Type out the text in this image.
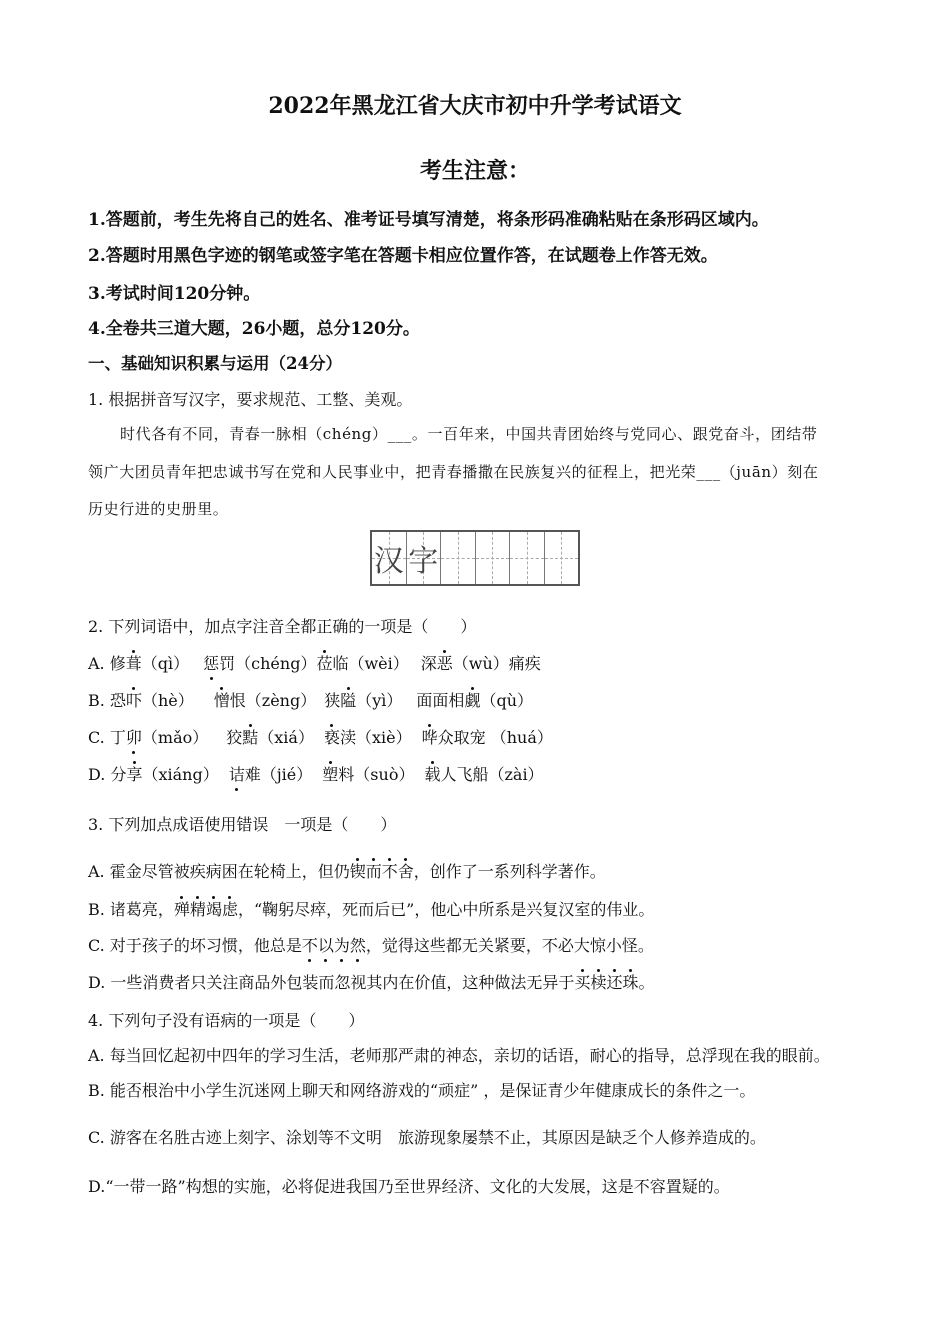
2022年黑龙江省大庆市初中升学考试语文
考生注意：
1.答题前，考生先将自己的姓名、准考证号填写清楚，将条形码准确粘贴在条形码区域内。
2.答题时用黑色字迹的钢笔或签字笔在答题卡相应位置作答，在试题卷上作答无效。
3.考试时间120分钟。
4.全卷共三道大题，26小题，总分120分。
一、基础知识积累与运用（24分）
1. 根据拼音写汉字，要求规范、工整、美观。
时代各有不同，青春一脉相（chéng）___。一百年来，中国共青团始终与党同心、跟党奋斗，团结带
领广大团员青年把忠诚书写在党和人民事业中，把青春播撒在民族复兴的征程上，把光荣___（juān）刻在
历史行进的史册里。
汉 字
2. 下列词语中，加点字注音全都正确的一项是（　　）
A. 修葺（qì） 惩罚（chéng）莅临（wèi） 深恶（wù）痛疾
B. 恐吓（hè） 憎恨（zèng） 狭隘（yì） 面面相觑（qù）
C. 丁卯（mǎo） 狡黠（xiá） 亵渎（xiè） 哗众取宠 （huá）
D. 分享（xiáng） 诘难（jié） 塑料（suò） 载人飞船（zài）
3. 下列加点成语使用错误　一项是（　　）
A. 霍金尽管被疾病困在轮椅上，但仍锲而不舍，创作了一系列科学著作。
B. 诸葛亮，殚精竭虑，“鞠躬尽瘁，死而后已”，他心中所系是兴复汉室的伟业。
C. 对于孩子的坏习惯，他总是不以为然，觉得这些都无关紧要，不必大惊小怪。
D. 一些消费者只关注商品外包装而忽视其内在价值，这种做法无异于买椟还珠。
4. 下列句子没有语病的一项是（　　）
A. 每当回忆起初中四年的学习生活，老师那严肃的神态，亲切的话语，耐心的指导，总浮现在我的眼前。
B. 能否根治中小学生沉迷网上聊天和网络游戏的“顽症” ，是保证青少年健康成长的条件之一。
C. 游客在名胜古迹上刻字、涂划等不文明　旅游现象屡禁不止，其原因是缺乏个人修养造成的。
D.“一带一路”构想的实施，必将促进我国乃至世界经济、文化的大发展，这是不容置疑的。
